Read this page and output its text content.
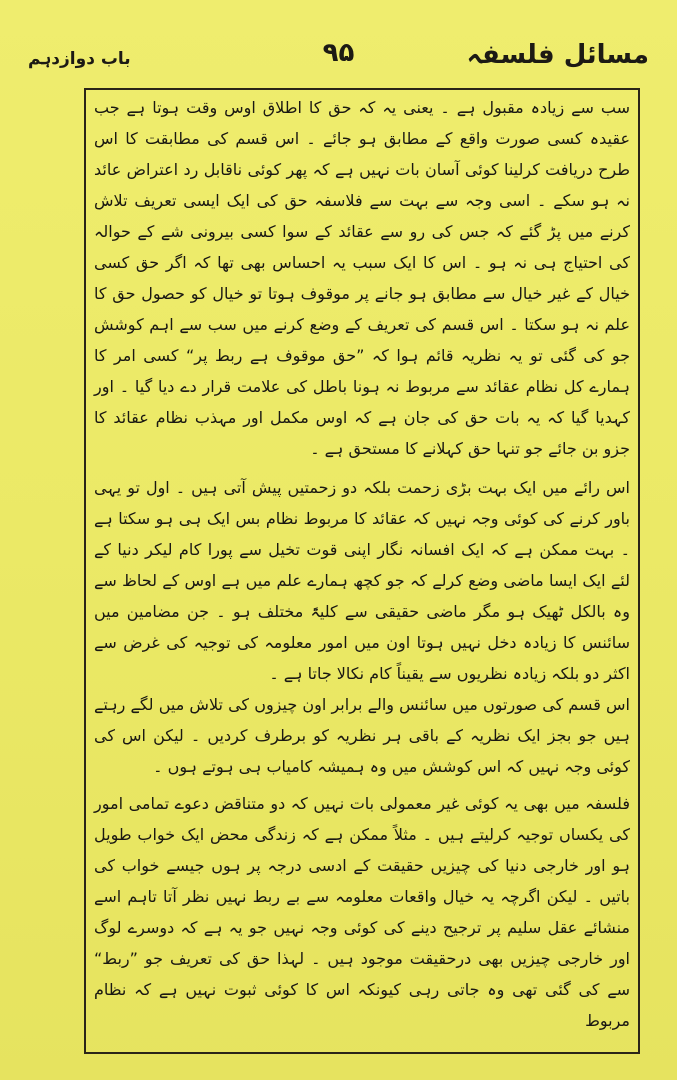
مسائل فلسفہ
۹۵
باب دوازدہم

سب سے زیادہ مقبول ہے ۔ یعنی یہ کہ حق کا اطلاق اوس وقت ہوتا ہے جب عقیدہ کسی صورت واقع کے مطابق ہو جائے ۔ اس قسم کی مطابقت کا اس طرح دریافت کرلینا کوئی آسان بات نہیں ہے کہ پھر کوئی ناقابل رد اعتراض عائد نہ ہو سکے ۔ اسی وجہ سے بہت سے فلاسفہ حق کی ایک ایسی تعریف تلاش کرنے میں پڑ گئے کہ جس کی رو سے عقائد کے سوا کسی بیرونی شے کے حوالہ کی احتیاج ہی نہ ہو ۔ اس کا ایک سبب یہ احساس بھی تھا کہ اگر حق کسی خیال کے غیر خیال سے مطابق ہو جانے پر موقوف ہوتا تو خیال کو حصول حق کا علم نہ ہو سکتا ۔ اس قسم کی تعریف کے وضع کرنے میں سب سے اہم کوشش جو کی گئی تو یہ نظریہ قائم ہوا کہ ”حق موقوف ہے ربط پر“ کسی امر کا ہمارے کل نظام عقائد سے مربوط نہ ہونا باطل کی علامت قرار دے دیا گیا ۔ اور کہدیا گیا کہ یہ بات حق کی جان ہے کہ اوس مکمل اور مہذب نظام عقائد کا جزو بن جائے جو تنہا حق کہلانے کا مستحق ہے ۔

اس رائے میں ایک بہت بڑی زحمت بلکہ دو زحمتیں پیش آتی ہیں ۔ اول تو یہی باور کرنے کی کوئی وجہ نہیں کہ عقائد کا مربوط نظام بس ایک ہی ہو سکتا ہے ۔ بہت ممکن ہے کہ ایک افسانہ نگار اپنی قوت تخیل سے پورا کام لیکر دنیا کے لئے ایک ایسا ماضی وضع کرلے کہ جو کچھ ہمارے علم میں ہے اوس کے لحاظ سے وہ بالکل ٹھیک ہو مگر ماضی حقیقی سے کلیۃً مختلف ہو ۔ جن مضامین میں سائنس کا زیادہ دخل نہیں ہوتا اون میں امور معلومہ کی توجیہ کی غرض سے اکثر دو بلکہ زیادہ نظریوں سے یقیناً کام نکالا جاتا ہے ۔

اس قسم کی صورتوں میں سائنس والے برابر اون چیزوں کی تلاش میں لگے رہتے ہیں جو بجز ایک نظریہ کے باقی ہر نظریہ کو برطرف کردیں ۔ لیکن اس کی کوئی وجہ نہیں کہ اس کوشش میں وہ ہمیشہ کامیاب ہی ہوتے ہوں ۔

فلسفہ میں بھی یہ کوئی غیر معمولی بات نہیں کہ دو متناقض دعوے تمامی امور کی یکساں توجیہ کرلیتے ہیں ۔ مثلاً ممکن ہے کہ زندگی محض ایک خواب طویل ہو اور خارجی دنیا کی چیزیں حقیقت کے ادسی درجہ پر ہوں جیسے خواب کی باتیں ۔ لیکن اگرچہ یہ خیال واقعات معلومہ سے بے ربط نہیں نظر آتا تاہم اسے منشائے عقل سلیم پر ترجیح دینے کی کوئی وجہ نہیں جو یہ ہے کہ دوسرے لوگ اور خارجی چیزیں بھی درحقیقت موجود ہیں ۔ لہذا حق کی تعریف جو ”ربط“ سے کی گئی تھی وہ جاتی رہی کیونکہ اس کا کوئی ثبوت نہیں ہے کہ نظام مربوط
